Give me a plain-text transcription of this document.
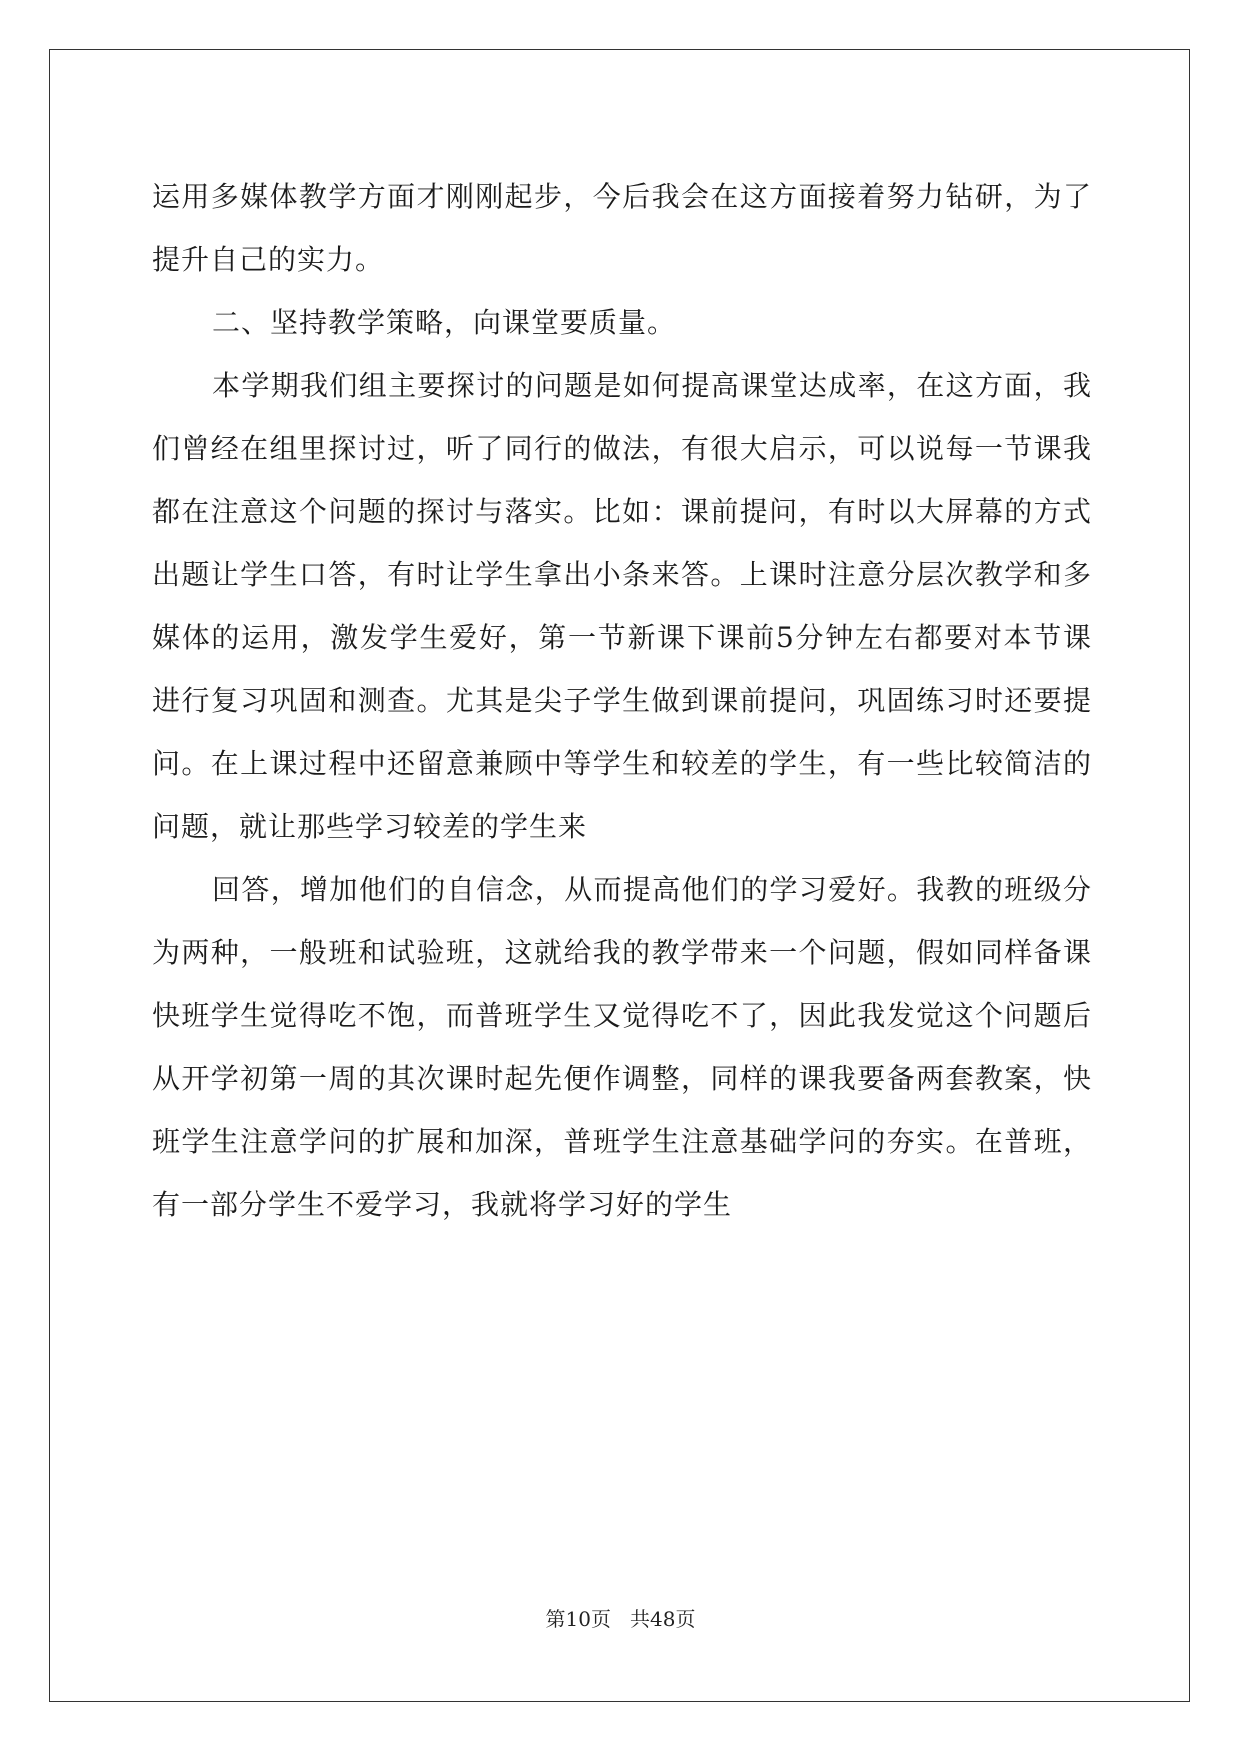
运用多媒体教学方面才刚刚起步，今后我会在这方面接着努力钻研，为了提升自己的实力。

二、坚持教学策略，向课堂要质量。

本学期我们组主要探讨的问题是如何提高课堂达成率，在这方面，我们曾经在组里探讨过，听了同行的做法，有很大启示，可以说每一节课我都在注意这个问题的探讨与落实。比如：课前提问，有时以大屏幕的方式出题让学生口答，有时让学生拿出小条来答。上课时注意分层次教学和多媒体的运用，激发学生爱好，第一节新课下课前5分钟左右都要对本节课进行复习巩固和测查。尤其是尖子学生做到课前提问，巩固练习时还要提问。在上课过程中还留意兼顾中等学生和较差的学生，有一些比较简洁的问题，就让那些学习较差的学生来

回答，增加他们的自信念，从而提高他们的学习爱好。我教的班级分为两种，一般班和试验班，这就给我的教学带来一个问题，假如同样备课快班学生觉得吃不饱，而普班学生又觉得吃不了，因此我发觉这个问题后从开学初第一周的其次课时起先便作调整，同样的课我要备两套教案，快班学生注意学问的扩展和加深，普班学生注意基础学问的夯实。在普班，有一部分学生不爱学习，我就将学习好的学生

第10页 共48页
